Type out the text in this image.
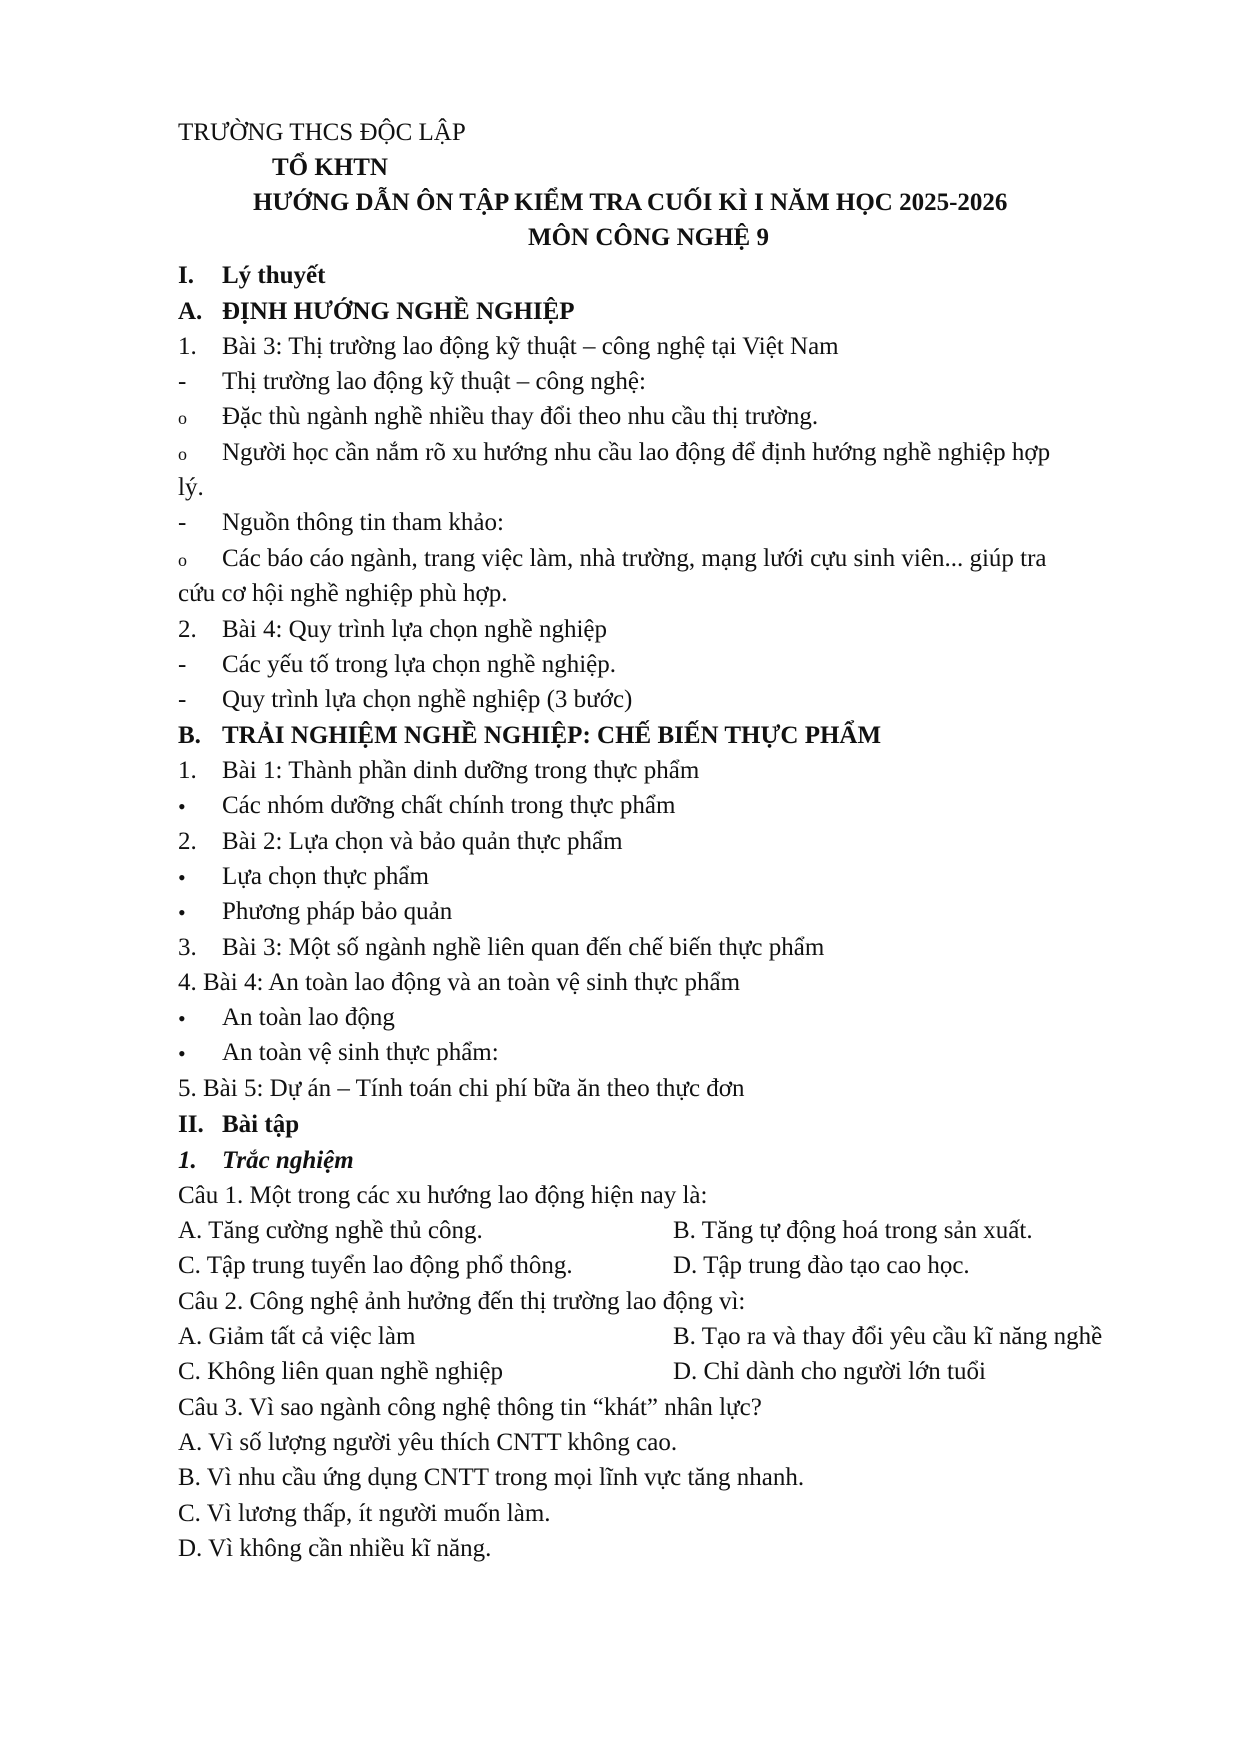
TRƯỜNG THCS ĐỘC LẬP
TỔ KHTN
HƯỚNG DẪN ÔN TẬP KIỂM TRA CUỐI KÌ I NĂM HỌC 2025-2026
MÔN CÔNG NGHỆ 9
I. Lý thuyết
A. ĐỊNH HƯỚNG NGHỀ NGHIỆP
1. Bài 3: Thị trường lao động kỹ thuật – công nghệ tại Việt Nam
- Thị trường lao động kỹ thuật – công nghệ:
o Đặc thù ngành nghề nhiều thay đổi theo nhu cầu thị trường.
o Người học cần nắm rõ xu hướng nhu cầu lao động để định hướng nghề nghiệp hợp
lý.
- Nguồn thông tin tham khảo:
o Các báo cáo ngành, trang việc làm, nhà trường, mạng lưới cựu sinh viên... giúp tra
cứu cơ hội nghề nghiệp phù hợp.
2. Bài 4: Quy trình lựa chọn nghề nghiệp
- Các yếu tố trong lựa chọn nghề nghiệp.
- Quy trình lựa chọn nghề nghiệp (3 bước)
B. TRẢI NGHIỆM NGHỀ NGHIỆP: CHẾ BIẾN THỰC PHẨM
1. Bài 1: Thành phần dinh dưỡng trong thực phẩm
• Các nhóm dưỡng chất chính trong thực phẩm
2. Bài 2: Lựa chọn và bảo quản thực phẩm
• Lựa chọn thực phẩm
• Phương pháp bảo quản
3. Bài 3: Một số ngành nghề liên quan đến chế biến thực phẩm
4. Bài 4: An toàn lao động và an toàn vệ sinh thực phẩm
• An toàn lao động
• An toàn vệ sinh thực phẩm:
5. Bài 5: Dự án – Tính toán chi phí bữa ăn theo thực đơn
II. Bài tập
1. Trắc nghiệm
Câu 1. Một trong các xu hướng lao động hiện nay là:
A. Tăng cường nghề thủ công.	B. Tăng tự động hoá trong sản xuất.
C. Tập trung tuyển lao động phổ thông.	D. Tập trung đào tạo cao học.
Câu 2. Công nghệ ảnh hưởng đến thị trường lao động vì:
A. Giảm tất cả việc làm	B. Tạo ra và thay đổi yêu cầu kĩ năng nghề
C. Không liên quan nghề nghiệp	D. Chỉ dành cho người lớn tuổi
Câu 3. Vì sao ngành công nghệ thông tin “khát” nhân lực?
A. Vì số lượng người yêu thích CNTT không cao.
B. Vì nhu cầu ứng dụng CNTT trong mọi lĩnh vực tăng nhanh.
C. Vì lương thấp, ít người muốn làm.
D. Vì không cần nhiều kĩ năng.
